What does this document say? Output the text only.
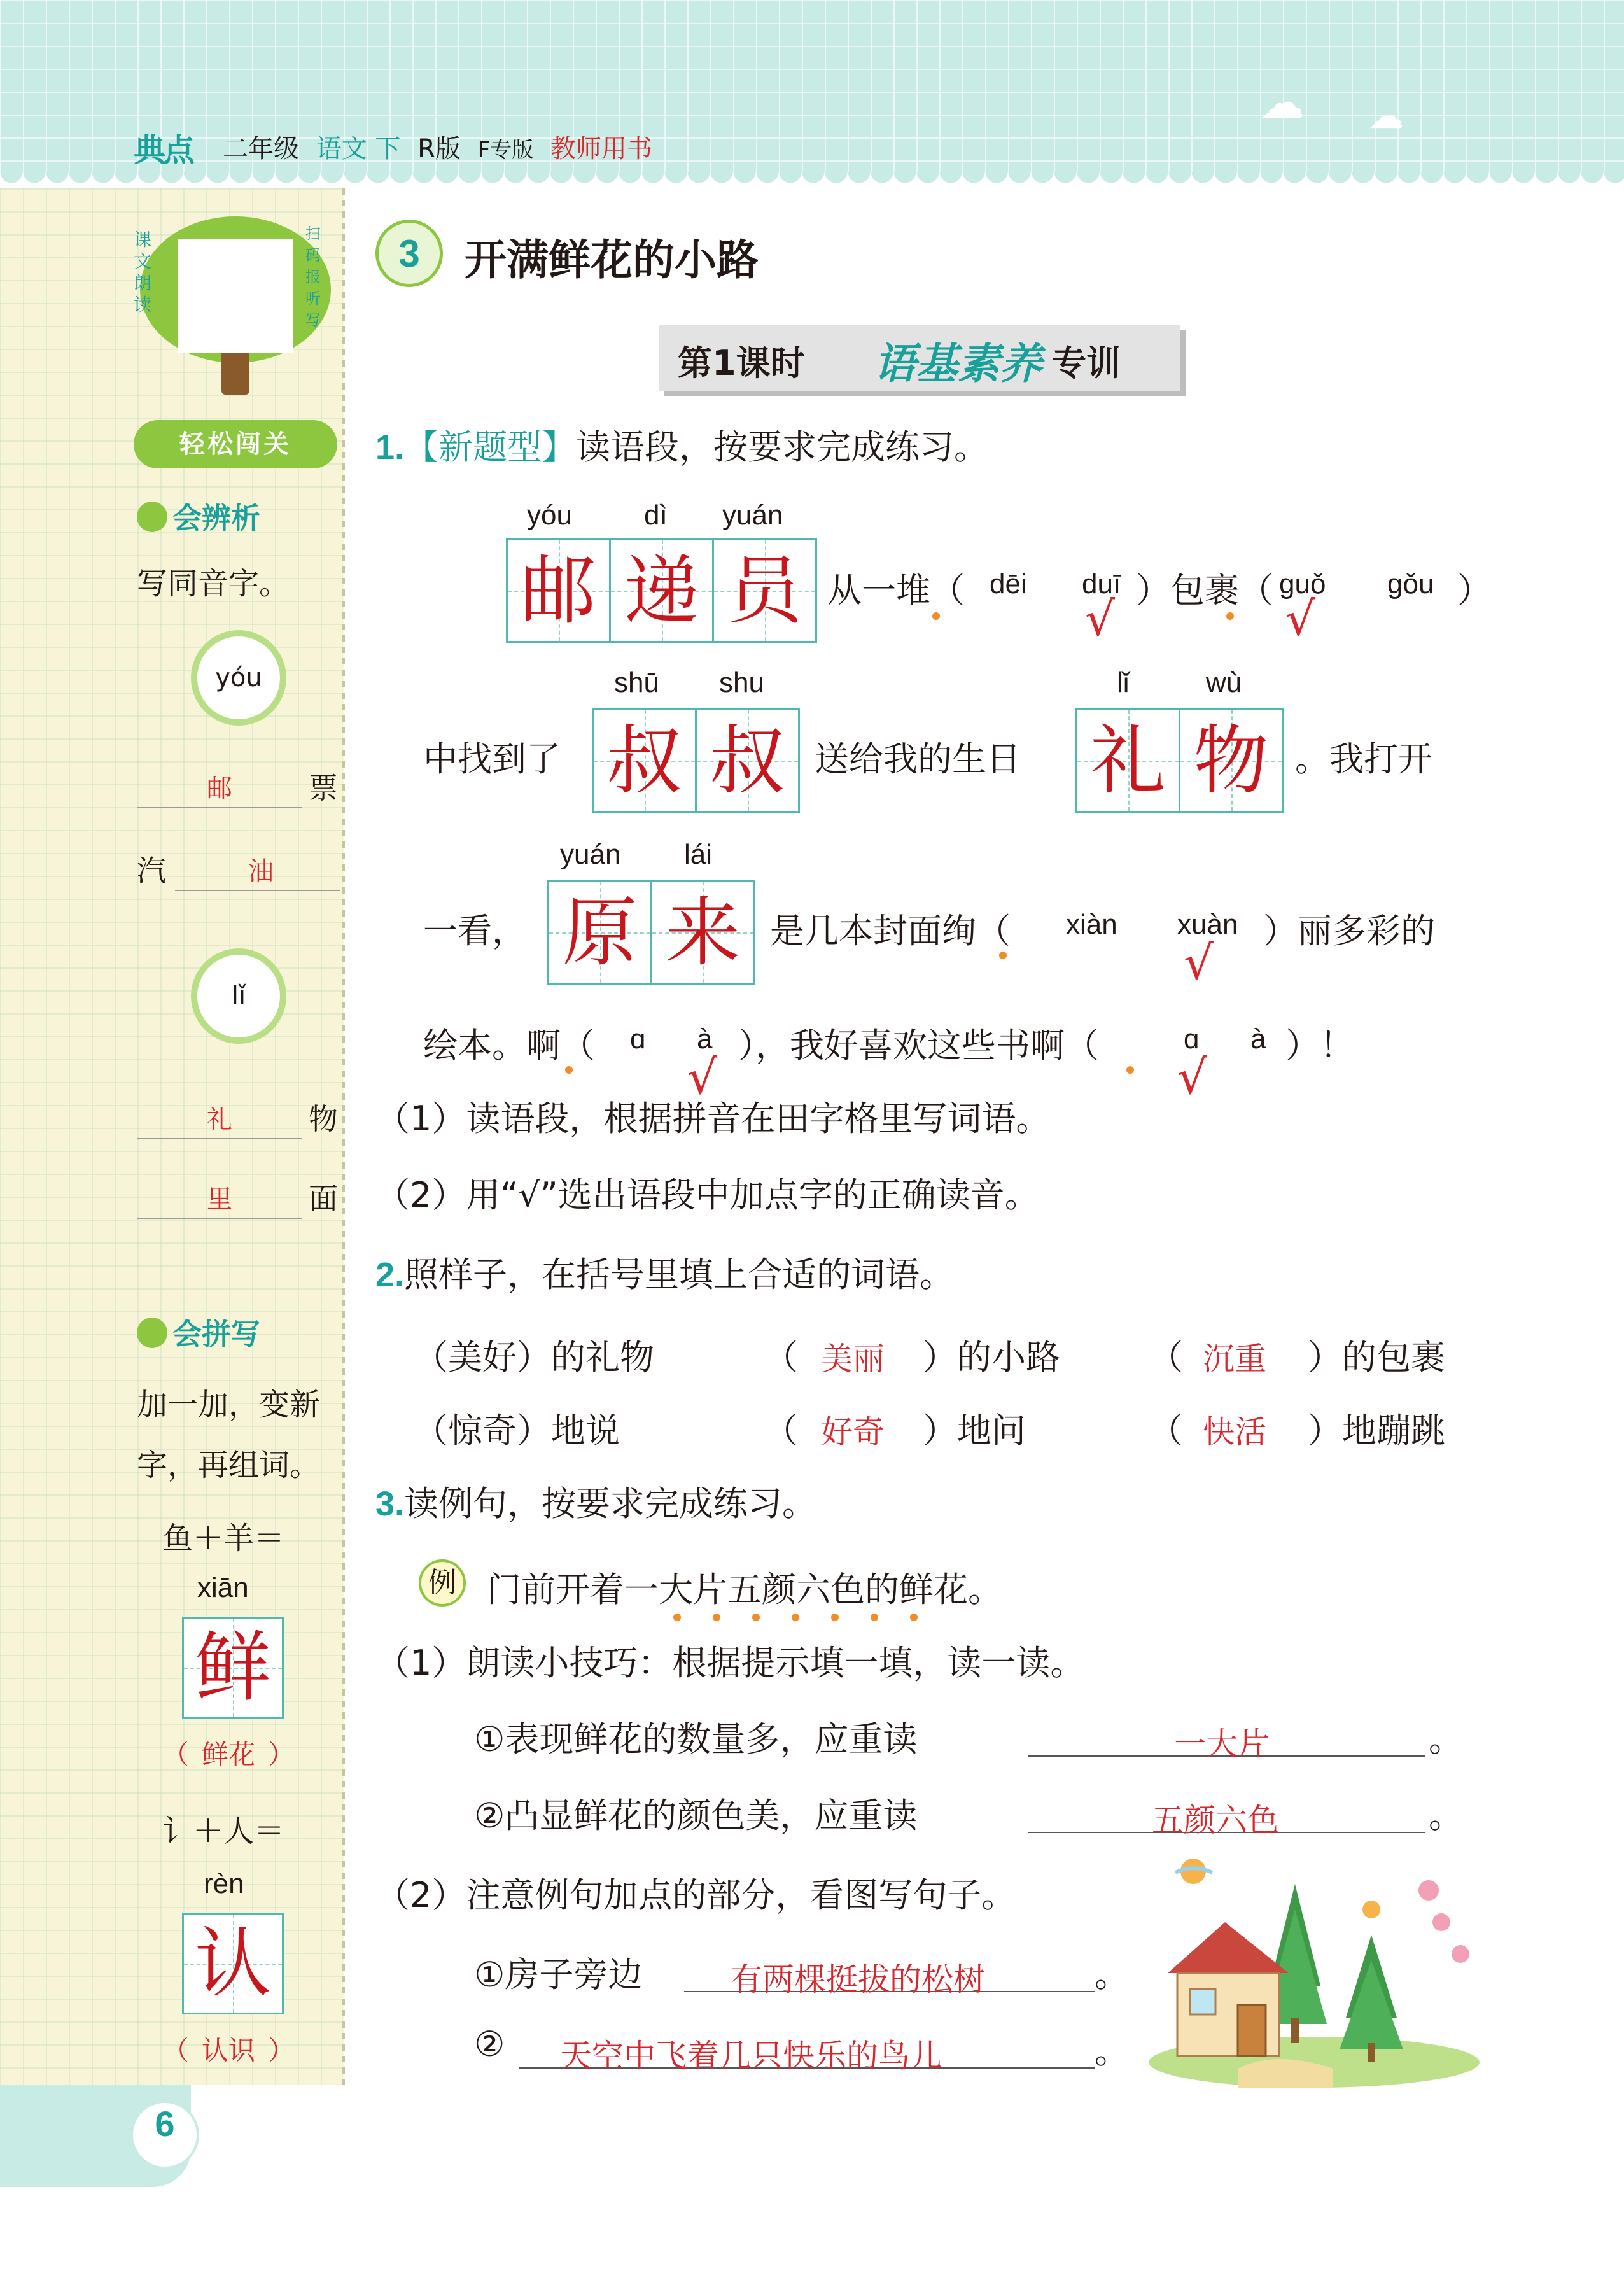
☁ ☁
典点 二年级 语文 下 R版 F专版 教师用书
课文朗读
扫码报听写
轻松闯关
会辨析
写同音字。
yóu
邮	票
汽	油
lǐ
礼	物
里	面
会拼写
加一加，变新
字，再组词。
鱼＋羊＝
xiān
鲜
（ 鲜花 ）
讠＋人＝
rèn
认
（ 认识 ）
3	开满鲜花的小路
第1课时 语基素养 专训
1.【新题型】读语段，按要求完成练习。
yóu	dì yuán
邮 递 员 从一堆（ dēi duī ）包裹（ guǒ gǒu ）
√	√
中找到了
shū shu
叔 叔 送给我的生日
lǐ	wù
礼 物 。我打开
一看，
yuán lái
原 来 是几本封面绚（ xiàn xuàn ）丽多彩的
√
绘本。啊（ ɑ à ），我好喜欢这些书啊（	ɑ à ）！
√	√
（1）读语段，根据拼音在田字格里写词语。
（2）用“√”选出语段中加点字的正确读音。
2.照样子，在括号里填上合适的词语。
（美好）的礼物	（ 美丽 ）的小路	（ 沉重 ）的包裹
（惊奇）地说	（ 好奇 ）地问	（ 快活 ）地蹦跳
3.读例句，按要求完成练习。
例 门前开着一大片五颜六色的鲜花。
（1）朗读小技巧：根据提示填一填，读一读。
①表现鲜花的数量多，应重读	一大片	。
②凸显鲜花的颜色美，应重读	五颜六色	。
（2）注意例句加点的部分，看图写句子。
①房子旁边	有两棵挺拔的松树	。
② 天空中飞着几只快乐的鸟儿	。
6
